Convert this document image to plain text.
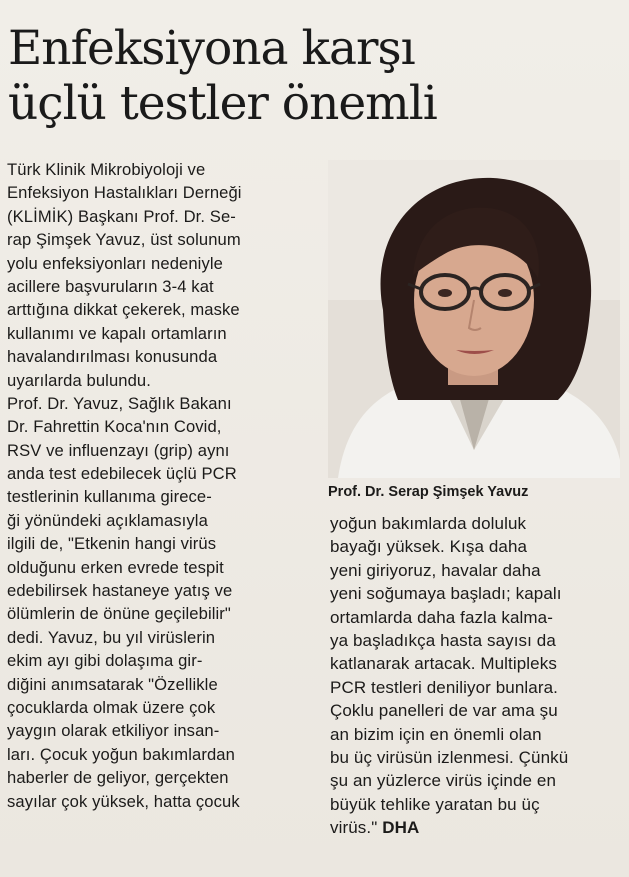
Enfeksiyona karşı
üçlü testler önemli
Türk Klinik Mikrobiyoloji ve
Enfeksiyon Hastalıkları Derneği
(KLİMİK) Başkanı Prof. Dr. Se-
rap Şimşek Yavuz, üst solunum
yolu enfeksiyonları nedeniyle
acillere başvuruların 3-4 kat
arttığına dikkat çekerek, maske
kullanımı ve kapalı ortamların
havalandırılması konusunda
uyarılarda bulundu.
Prof. Dr. Yavuz, Sağlık Bakanı
Dr. Fahrettin Koca'nın Covid,
RSV ve influenzayı (grip) aynı
anda test edebilecek üçlü PCR
testlerinin kullanıma girece-
ği yönündeki açıklamasıyla
ilgili de, "Etkenin hangi virüs
olduğunu erken evrede tespit
edebilirsek hastaneye yatış ve
ölümlerin de önüne geçilebilir"
dedi. Yavuz, bu yıl virüslerin
ekim ayı gibi dolaşıma gir-
diğini anımsatarak "Özellikle
çocuklarda olmak üzere çok
yaygın olarak etkiliyor insan-
ları. Çocuk yoğun bakımlardan
haberler de geliyor, gerçekten
sayılar çok yüksek, hatta çocuk
Prof. Dr. Serap Şimşek Yavuz
yoğun bakımlarda doluluk
bayağı yüksek. Kışa daha
yeni giriyoruz, havalar daha
yeni soğumaya başladı; kapalı
ortamlarda daha fazla kalma-
ya başladıkça hasta sayısı da
katlanarak artacak. Multipleks
PCR testleri deniliyor bunlara.
Çoklu panelleri de var ama şu
an bizim için en önemli olan
bu üç virüsün izlenmesi. Çünkü
şu an yüzlerce virüs içinde en
büyük tehlike yaratan bu üç
virüs." DHA
